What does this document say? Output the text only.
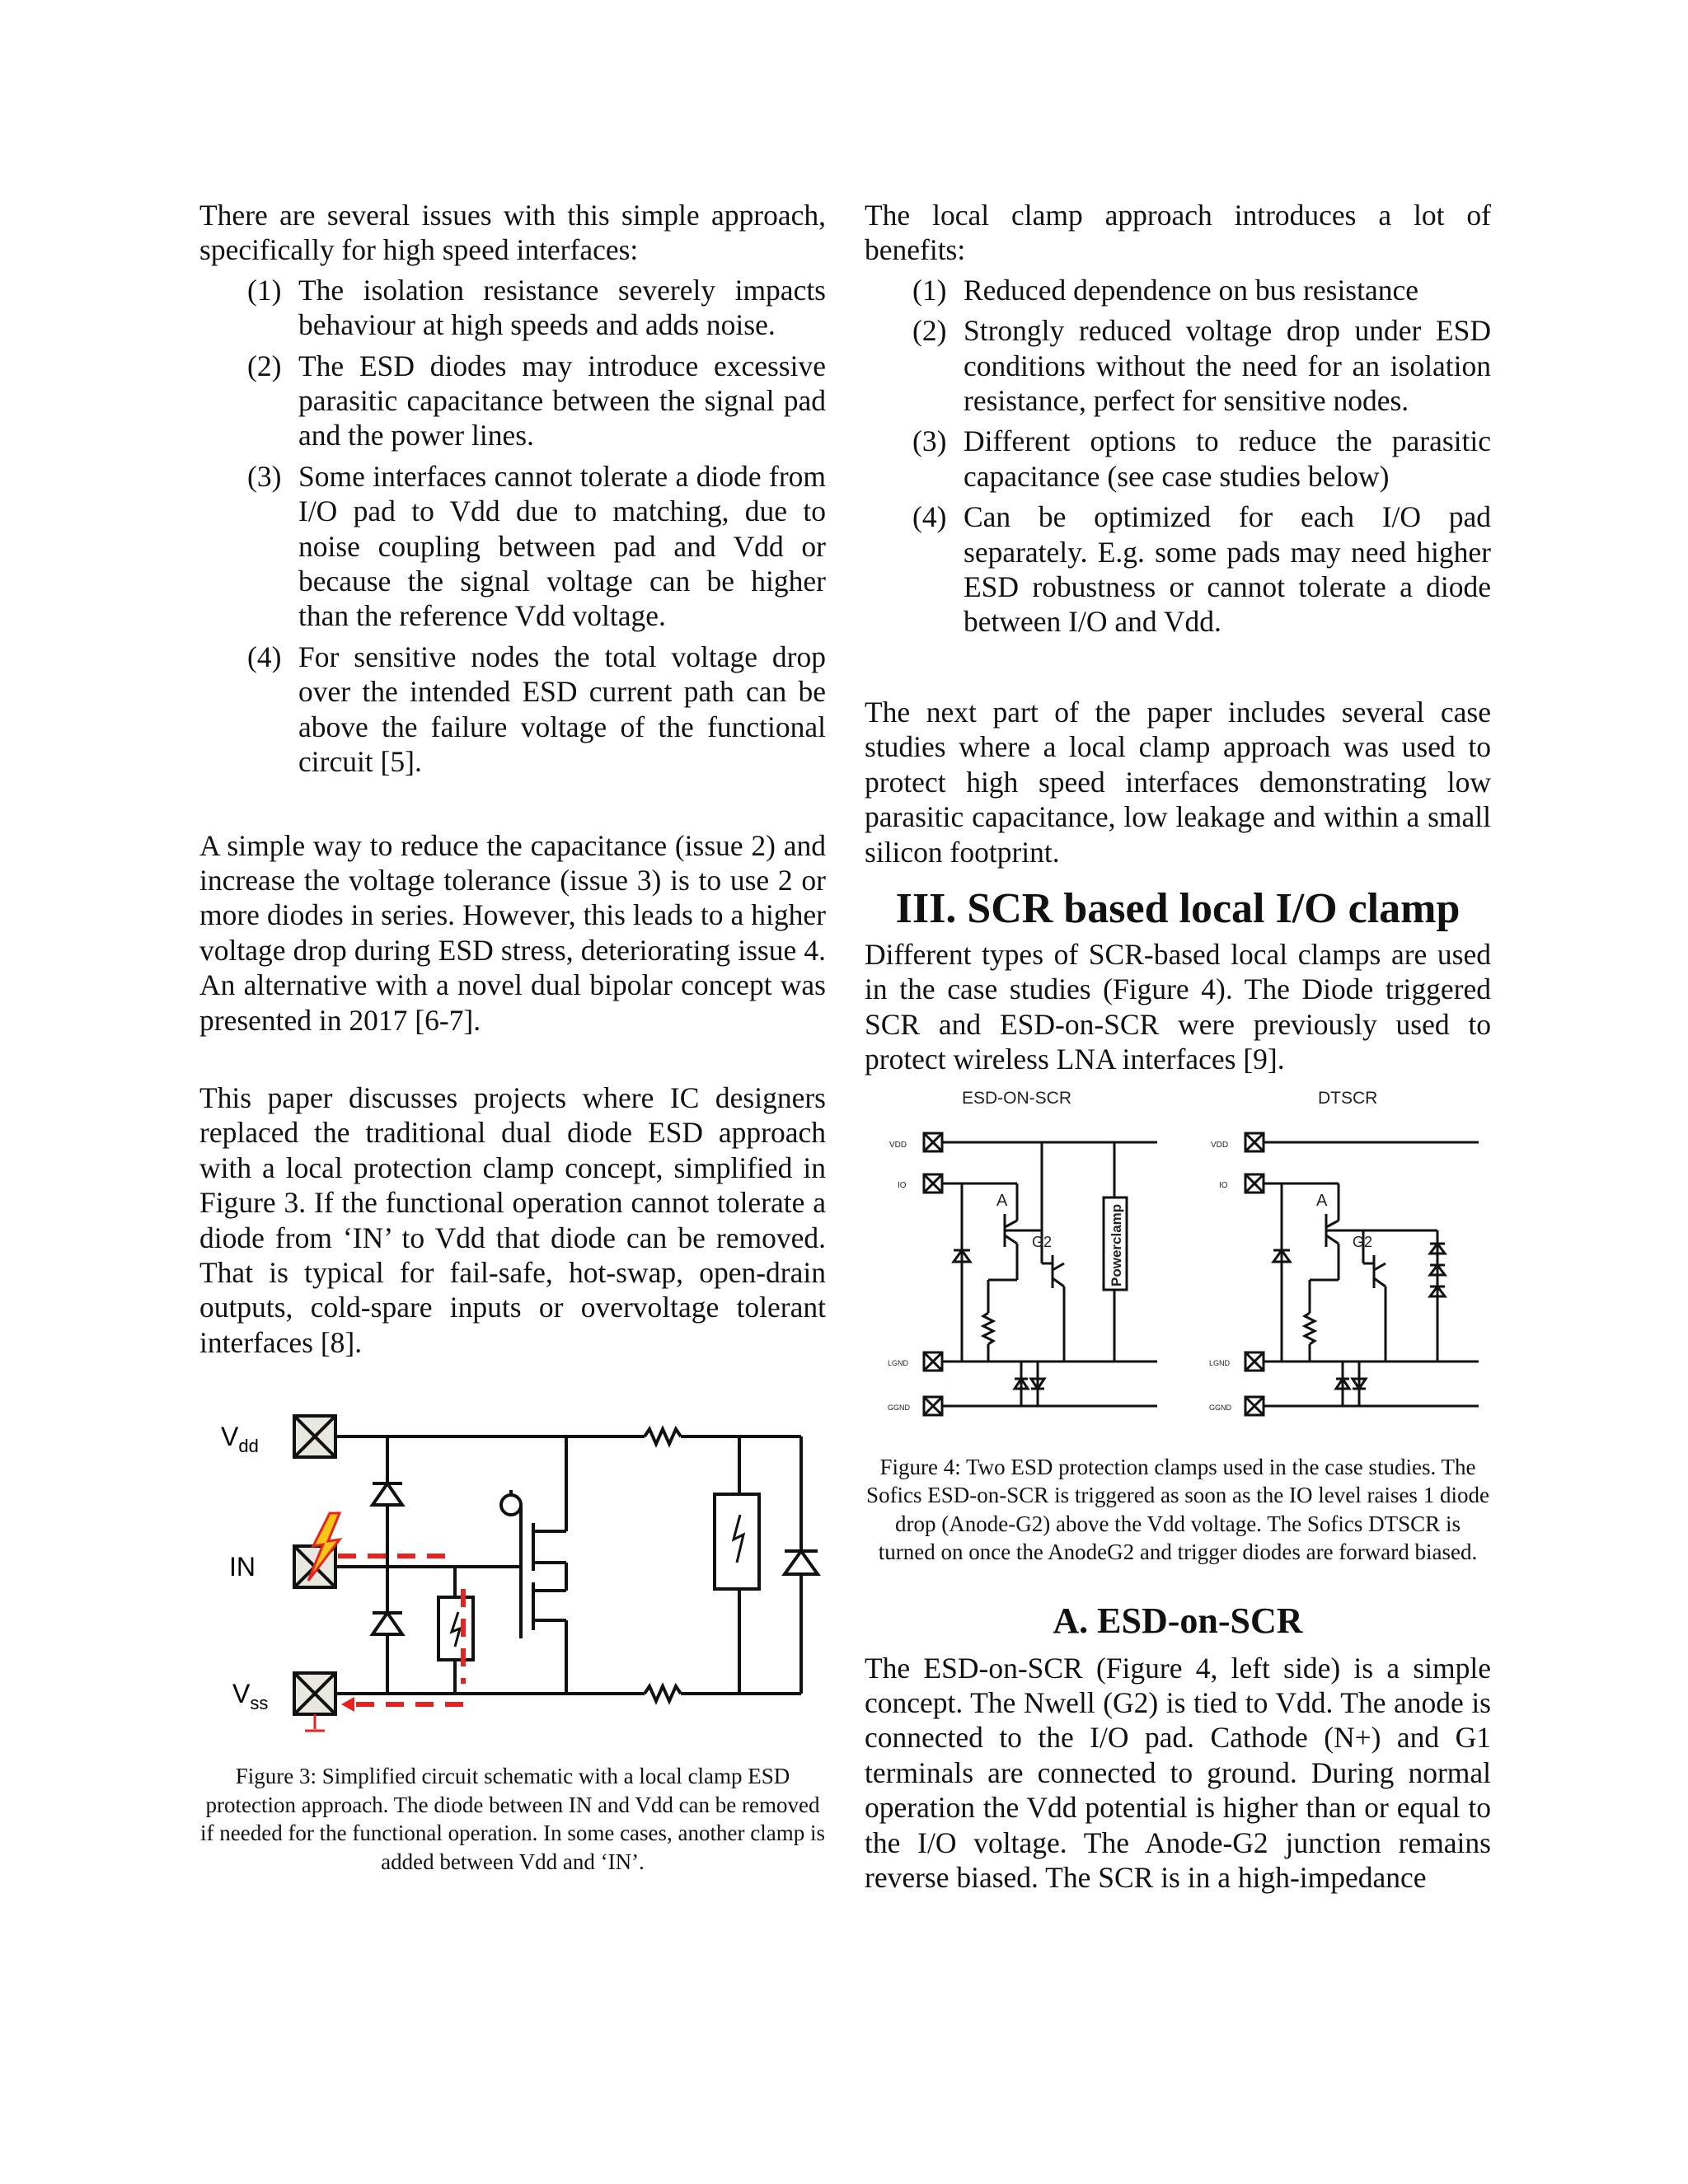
There are several issues with this simple approach, specifically for high speed interfaces:

(1) The isolation resistance severely impacts behaviour at high speeds and adds noise.
(2) The ESD diodes may introduce excessive parasitic capacitance between the signal pad and the power lines.
(3) Some interfaces cannot tolerate a diode from I/O pad to Vdd due to matching, due to noise coupling between pad and Vdd or because the signal voltage can be higher than the reference Vdd voltage.
(4) For sensitive nodes the total voltage drop over the intended ESD current path can be above the failure voltage of the functional circuit [5].

A simple way to reduce the capacitance (issue 2) and increase the voltage tolerance (issue 3) is to use 2 or more diodes in series. However, this leads to a higher voltage drop during ESD stress, deteriorating issue 4. An alternative with a novel dual bipolar concept was presented in 2017 [6-7].

This paper discusses projects where IC designers replaced the traditional dual diode ESD approach with a local protection clamp concept, simplified in Figure 3. If the functional operation cannot tolerate a diode from ‘IN’ to Vdd that diode can be removed. That is typical for fail-safe, hot-swap, open-drain outputs, cold-spare inputs or overvoltage tolerant interfaces [8].

$V_{dd}$
IN
$V_{ss}$

Figure 3: Simplified circuit schematic with a local clamp ESD protection approach. The diode between IN and Vdd can be removed if needed for the functional operation. In some cases, another clamp is added between Vdd and ‘IN’.

The local clamp approach introduces a lot of benefits:

(1) Reduced dependence on bus resistance
(2) Strongly reduced voltage drop under ESD conditions without the need for an isolation resistance, perfect for sensitive nodes.
(3) Different options to reduce the parasitic capacitance (see case studies below)
(4) Can be optimized for each I/O pad separately. E.g. some pads may need higher ESD robustness or cannot tolerate a diode between I/O and Vdd.

The next part of the paper includes several case studies where a local clamp approach was used to protect high speed interfaces demonstrating low parasitic capacitance, low leakage and within a small silicon footprint.

III. SCR based local I/O clamp

Different types of SCR-based local clamps are used in the case studies (Figure 4). The Diode triggered SCR and ESD-on-SCR were previously used to protect wireless LNA interfaces [9].

ESD-ON-SCR	DTSCR
VDD
IO
LGND
GGND
A
G2	Powerclamp
VDD
IO
LGND
GGND
A
G2

Figure 4: Two ESD protection clamps used in the case studies. The Sofics ESD-on-SCR is triggered as soon as the IO level raises 1 diode drop (Anode-G2) above the Vdd voltage. The Sofics DTSCR is turned on once the AnodeG2 and trigger diodes are forward biased.

A. ESD-on-SCR

The ESD-on-SCR (Figure 4, left side) is a simple concept. The Nwell (G2) is tied to Vdd. The anode is connected to the I/O pad. Cathode (N+) and G1 terminals are connected to ground. During normal operation the Vdd potential is higher than or equal to the I/O voltage. The Anode-G2 junction remains reverse biased. The SCR is in a high-impedance
